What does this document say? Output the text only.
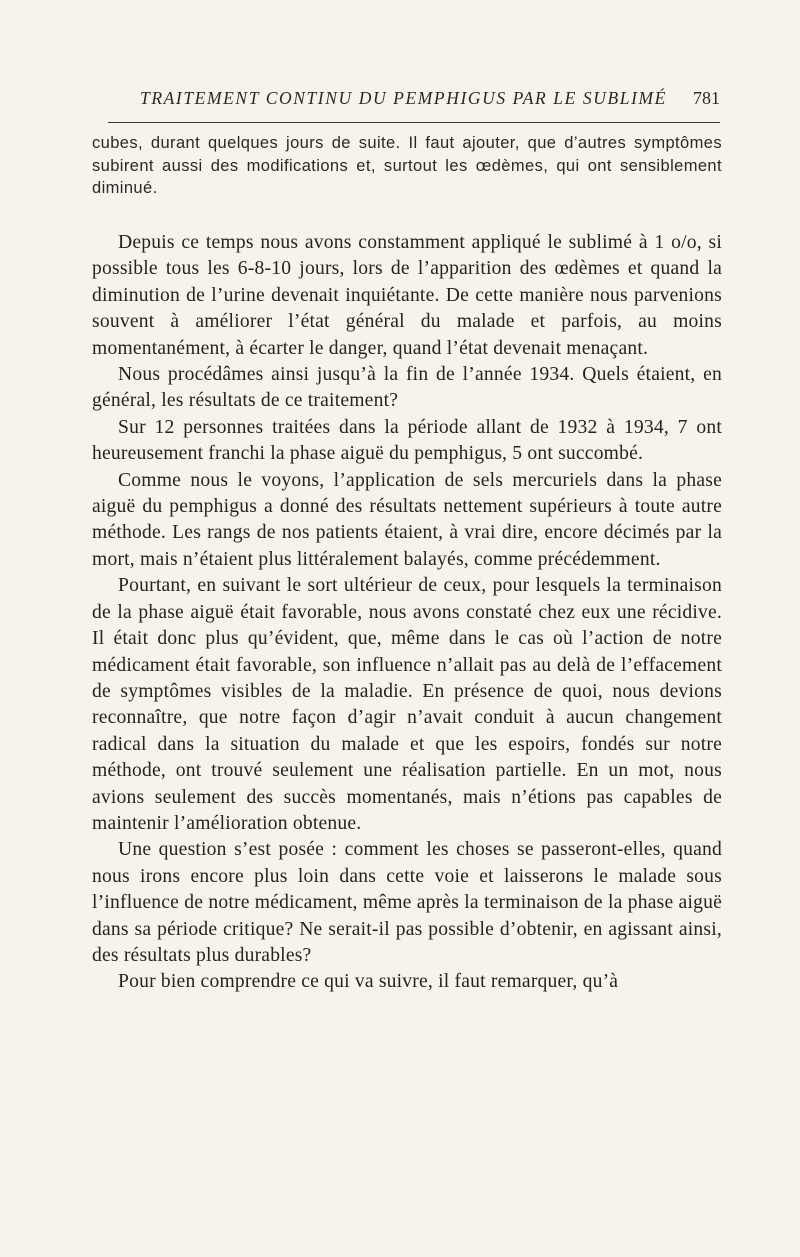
TRAITEMENT CONTINU DU PEMPHIGUS PAR LE SUBLIMÉ 781
cubes, durant quelques jours de suite. Il faut ajouter, que d’autres symptômes subirent aussi des modifications et, surtout les œdèmes, qui ont sensiblement diminué.

Depuis ce temps nous avons constamment appliqué le sublimé à 1 o/o, si possible tous les 6-8-10 jours, lors de l’apparition des œdèmes et quand la diminution de l’urine devenait inquiétante. De cette manière nous parvenions souvent à améliorer l’état général du malade et parfois, au moins momentanément, à écarter le danger, quand l’état devenait menaçant.

Nous procédâmes ainsi jusqu’à la fin de l’année 1934. Quels étaient, en général, les résultats de ce traitement?

Sur 12 personnes traitées dans la période allant de 1932 à 1934, 7 ont heureusement franchi la phase aiguë du pemphigus, 5 ont succombé.

Comme nous le voyons, l’application de sels mercuriels dans la phase aiguë du pemphigus a donné des résultats nettement supérieurs à toute autre méthode. Les rangs de nos patients étaient, à vrai dire, encore décimés par la mort, mais n’étaient plus littéralement balayés, comme précédemment.

Pourtant, en suivant le sort ultérieur de ceux, pour lesquels la terminaison de la phase aiguë était favorable, nous avons constaté chez eux une récidive. Il était donc plus qu’évident, que, même dans le cas où l’action de notre médicament était favorable, son influence n’allait pas au delà de l’effacement de symptômes visibles de la maladie. En présence de quoi, nous devions reconnaître, que notre façon d’agir n’avait conduit à aucun changement radical dans la situation du malade et que les espoirs, fondés sur notre méthode, ont trouvé seulement une réalisation partielle. En un mot, nous avions seulement des succès momentanés, mais n’étions pas capables de maintenir l’amélioration obtenue.

Une question s’est posée : comment les choses se passeront-elles, quand nous irons encore plus loin dans cette voie et laisserons le malade sous l’influence de notre médicament, même après la terminaison de la phase aiguë dans sa période critique? Ne serait-il pas possible d’obtenir, en agissant ainsi, des résultats plus durables?

Pour bien comprendre ce qui va suivre, il faut remarquer, qu’à
